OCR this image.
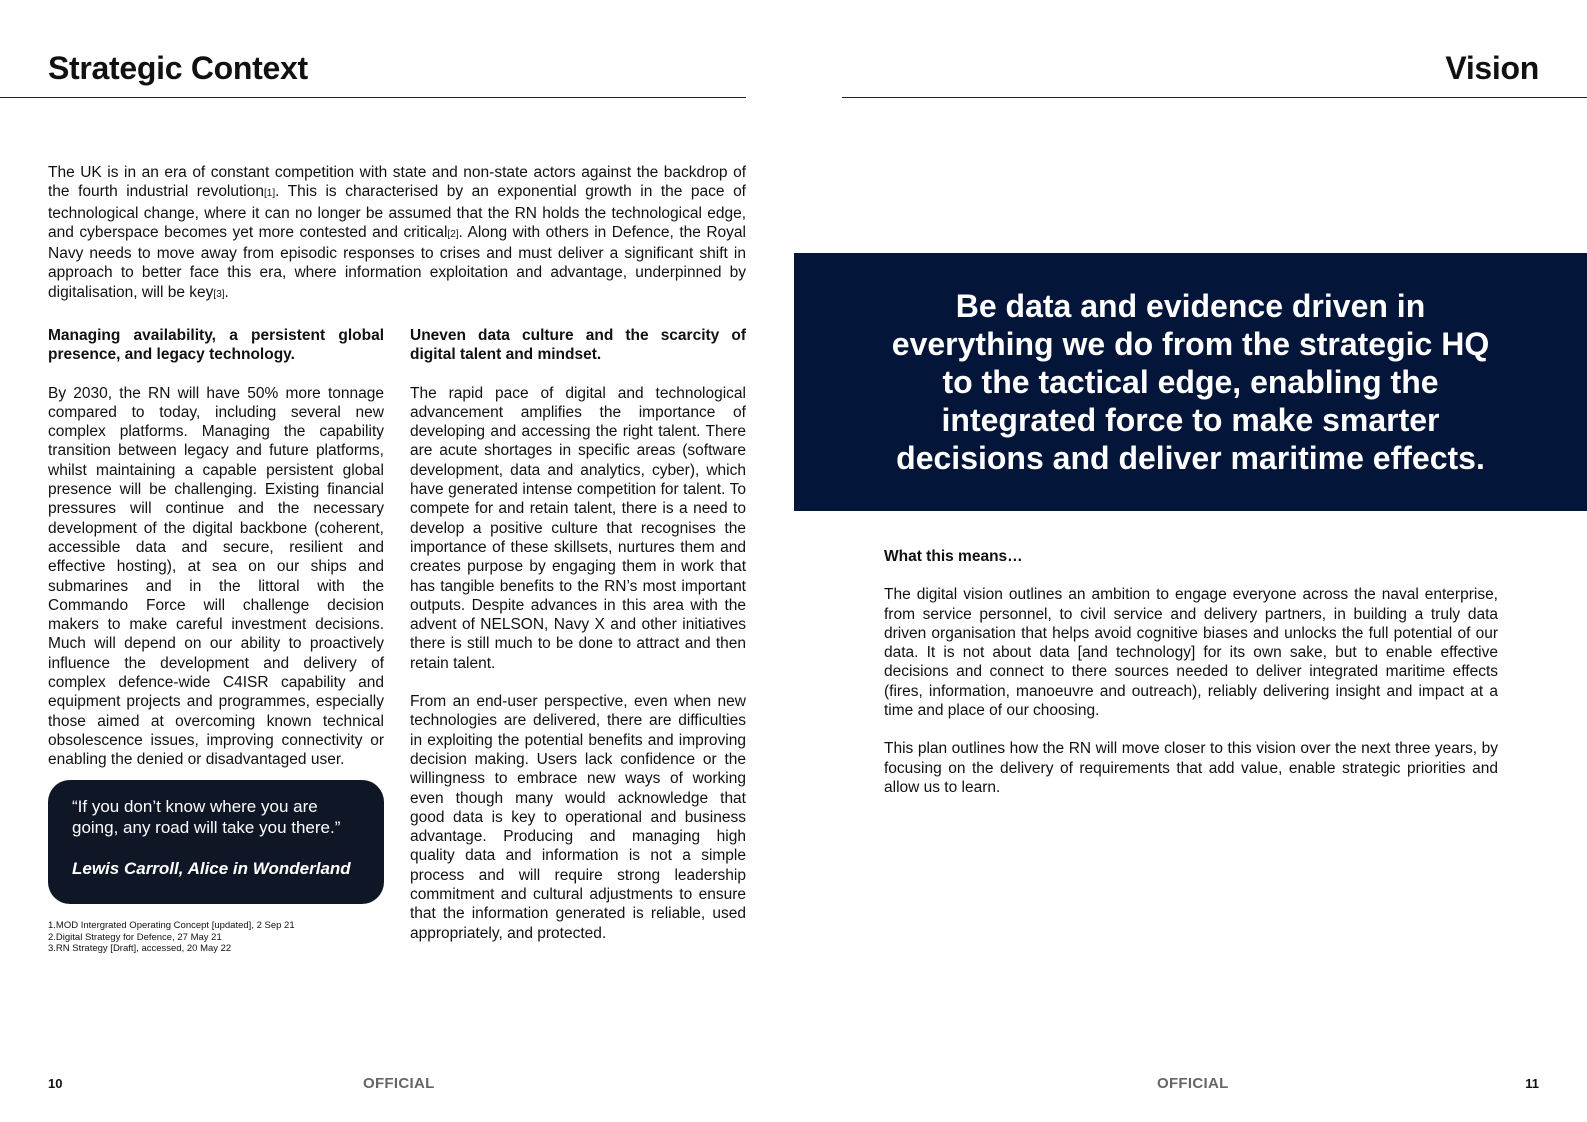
Strategic Context
The UK is in an era of constant competition with state and non-state actors against the backdrop of the fourth industrial revolution[1]. This is characterised by an exponential growth in the pace of technological change, where it can no longer be assumed that the RN holds the technological edge, and cyberspace becomes yet more contested and critical[2]. Along with others in Defence, the Royal Navy needs to move away from episodic responses to crises and must deliver a significant shift in approach to better face this era, where information exploitation and advantage, underpinned by digitalisation, will be key[3].

Managing availability, a persistent global presence, and legacy technology.

By 2030, the RN will have 50% more tonnage compared to today, including several new complex platforms. Managing the capability transition between legacy and future platforms, whilst maintaining a capable persistent global presence will be challenging. Existing financial pressures will continue and the necessary development of the digital backbone (coherent, accessible data and secure, resilient and effective hosting), at sea on our ships and submarines and in the littoral with the Commando Force will challenge decision makers to make careful investment decisions. Much will depend on our ability to proactively influence the development and delivery of complex defence-wide C4ISR capability and equipment projects and programmes, especially those aimed at overcoming known technical obsolescence issues, improving connectivity or enabling the denied or disadvantaged user.

“If you don’t know where you are going, any road will take you there.”

Lewis Carroll, Alice in Wonderland

1.MOD Intergrated Operating Concept [updated], 2 Sep 21
2.Digital Strategy for Defence, 27 May 21
3.RN Strategy [Draft], accessed, 20 May 22

Uneven data culture and the scarcity of digital talent and mindset.

The rapid pace of digital and technological advancement amplifies the importance of developing and accessing the right talent. There are acute shortages in specific areas (software development, data and analytics, cyber), which have generated intense competition for talent. To compete for and retain talent, there is a need to develop a positive culture that recognises the importance of these skillsets, nurtures them and creates purpose by engaging them in work that has tangible benefits to the RN’s most important outputs. Despite advances in this area with the advent of NELSON, Navy X and other initiatives there is still much to be done to attract and then retain talent.

From an end-user perspective, even when new technologies are delivered, there are difficulties in exploiting the potential benefits and improving decision making. Users lack confidence or the willingness to embrace new ways of working even though many would acknowledge that good data is key to operational and business advantage. Producing and managing high quality data and information is not a simple process and will require strong leadership commitment and cultural adjustments to ensure that the information generated is reliable, used appropriately, and protected.

10	OFFICIAL
Vision
Be data and evidence driven in everything we do from the strategic HQ to the tactical edge, enabling the integrated force to make smarter decisions and deliver maritime effects.

What this means…

The digital vision outlines an ambition to engage everyone across the naval enterprise, from service personnel, to civil service and delivery partners, in building a truly data driven organisation that helps avoid cognitive biases and unlocks the full potential of our data. It is not about data [and technology] for its own sake, but to enable effective decisions and connect to there sources needed to deliver integrated maritime effects (fires, information, manoeuvre and outreach), reliably delivering insight and impact at a time and place of our choosing.

This plan outlines how the RN will move closer to this vision over the next three years, by focusing on the delivery of requirements that add value, enable strategic priorities and allow us to learn.

OFFICIAL	11
